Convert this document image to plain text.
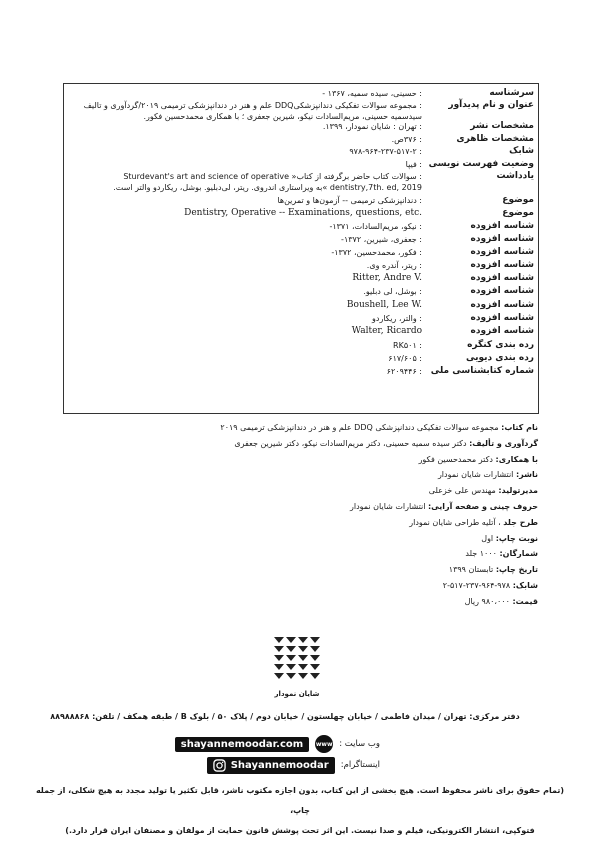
سرشناسه
: حسینی، سیده سمیه، ۱۳۶۷ -
عنوان و نام پدیدآور
: مجموعه سوالات تفکیکی دندانپزشکیDDQ علم و هنر در دندانپزشکی ترمیمی ۲۰۱۹/گردآوری و تالیف سیدسمیه حسینی، مریم‌السادات نیکو، شیرین جعفری ؛ با همکاری محمدحسین فکور.
مشخصات نشر
: تهران : شایان نمودار، ۱۳۹۹.
مشخصات ظاهری
: ۳۷۶ص.
شابک
: ۹۷۸-۹۶۴-۲۳۷-۵۱۷-۲
وضعیت فهرست نویسی
: فیپا
یادداشت
: سوالات کتاب حاضر برگرفته از کتاب« Sturdevant's art and science of operative dentistry,7th. ed, 2019 »به ویراستاری اندروی. ریتر، لی‌دبلیو. بوشل، ریکاردو والتر است.
موضوع
: دندانپزشکی ترمیمی -- آزمون‌ها و تمرین‌ها
موضوع
Dentistry, Operative -- Examinations, questions, etc.
شناسه افزوده
: نیکو، مریم‌السادات، ۱۳۷۱-
شناسه افزوده
: جعفری، شیرین، ۱۳۷۲-
شناسه افزوده
: فکور، محمدحسین، ۱۳۷۲-
شناسه افزوده
: ریتر، آندره وی.
شناسه افزوده
Ritter, Andre V.
شناسه افزوده
: بوشل، لی دبلیو.
شناسه افزوده
Boushell, Lee W.
شناسه افزوده
: والتر، ریکاردو
شناسه افزوده
Walter, Ricardo
رده بندی کنگره
: RK۵۰۱
رده بندی دیویی
: ۶۱۷/۶۰۵
شماره کتابشناسی ملی
: ۶۲۰۹۴۴۶
نام کتاب: مجموعه سوالات تفکیکی دندانپزشکی DDQ علم و هنر در دندانپزشکی ترمیمی ۲۰۱۹
گردآوری و تألیف: دکتر سیده سمیه حسینی، دکتر مریم‌السادات نیکو، دکتر شیرین جعفری
با همکاری: دکتر محمدحسین فکور
ناشر: انتشارات شایان نمودار
مدیرتولید: مهندس علی خزعلی
حروف چینی و صفحه آرایی: انتشارات شایان نمودار
طرح جلد ، آتلیه طراحی شایان نمودار
نوبت چاپ: اول
شمارگان: ۱۰۰۰ جلد
تاریخ چاپ: تابستان ۱۳۹۹
شابک: ۹۷۸-۹۶۴-۲۳۷-۵۱۷-۲
قیمت: ۹۸۰،۰۰۰ ریال
شایان نمودار
دفتر مرکزی: تهران / میدان فاطمی / خیابان چهلستون / خیابان دوم / پلاک ۵۰ / بلوک B / طبقه همکف / تلفن: ۸۸۹۸۸۸۶۸
وب سایت :
www
shayannemoodar.com
اینستاگرام:
Shayannemoodar
(تمام حقوق برای ناشر محفوظ است. هیچ بخشی از این کتاب، بدون اجازه مکتوب ناشر، قابل تکثیر یا تولید مجدد به هیچ شکلی، از جمله چاپ،
فتوکپی، انتشار الکترونیکی، فیلم و صدا نیست. این اثر تحت پوشش قانون حمایت از مولفان و مصنفان ایران قرار دارد.)
